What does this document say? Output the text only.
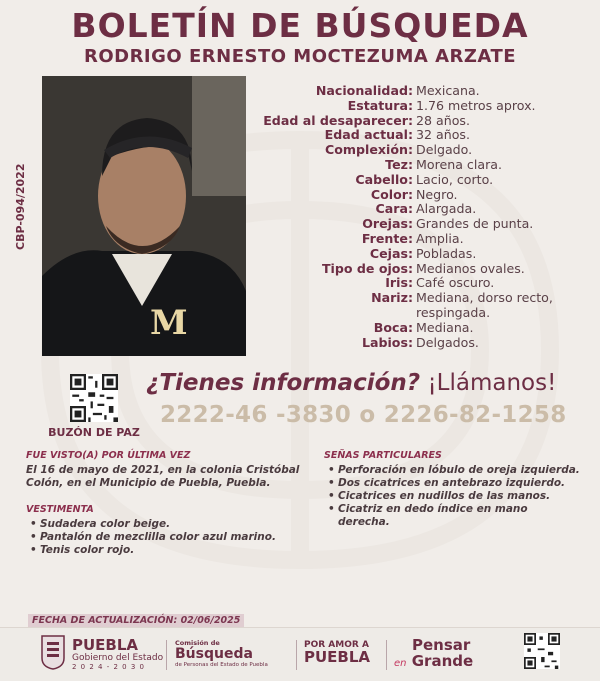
BOLETÍN DE BÚSQUEDA
RODRIGO ERNESTO MOCTEZUMA ARZATE
CBP-094/2022
M
Nacionalidad: Mexicana.
Estatura: 1.76 metros aprox.
Edad al desaparecer: 28 años.
Edad actual: 32 años.
Complexión: Delgado.
Tez: Morena clara.
Cabello: Lacio, corto.
Color: Negro.
Cara: Alargada.
Orejas: Grandes de punta.
Frente: Amplia.
Cejas: Pobladas.
Tipo de ojos: Medianos ovales.
Iris: Café oscuro.
Nariz: Mediana, dorso recto, respingada.
Boca: Mediana.
Labios: Delgados.
BUZÓN DE PAZ
¿Tienes información? ¡Llámanos!
2222-46 -3830 o 2226-82-1258
FUE VISTO(A) POR ÚLTIMA VEZ
El 16 de mayo de 2021, en la colonia Cristóbal Colón, en el Municipio de Puebla, Puebla.
VESTIMENTA
• Sudadera color beige.
• Pantalón de mezclilla color azul marino.
• Tenis color rojo.
SEÑAS PARTICULARES
• Perforación en lóbulo de oreja izquierda.
• Dos cicatrices en antebrazo izquierdo.
• Cicatrices en nudillos de las manos.
• Cicatriz en dedo índice en mano derecha.
FECHA DE ACTUALIZACIÓN: 02/06/2025
PUEBLA
Gobierno del Estado
2 0 2 4 - 2 0 3 0
Comisión de
Búsqueda
de Personas del Estado de Puebla
POR AMOR A
PUEBLA
Pensar
en Grande
